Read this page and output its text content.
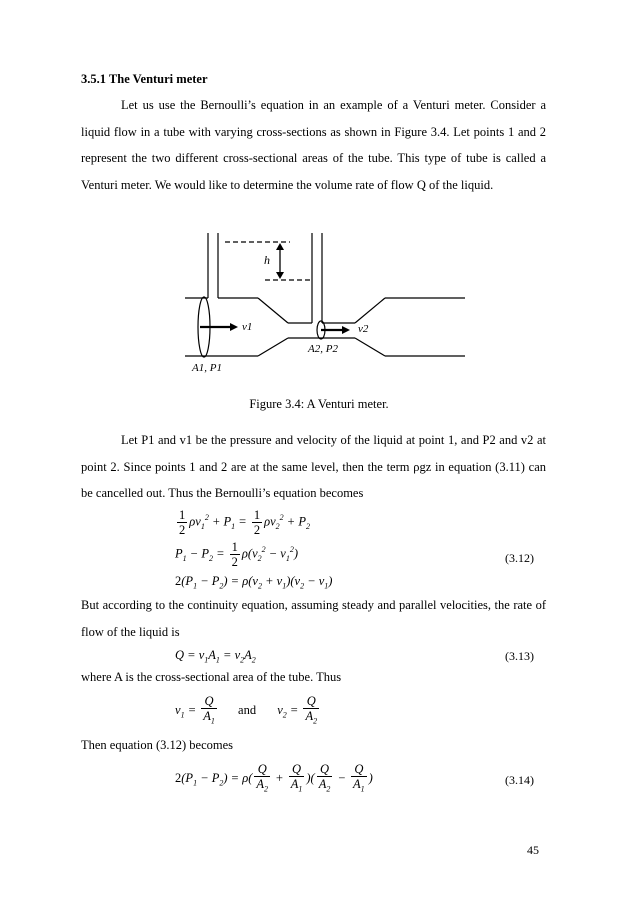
3.5.1 The Venturi meter

Let us use the Bernoulli’s equation in an example of a Venturi meter. Consider a liquid flow in a tube with varying cross-sections as shown in Figure 3.4. Let points 1 and 2 represent the two different cross-sectional areas of the tube. This type of tube is called a Venturi meter. We would like to determine the volume rate of flow Q of the liquid.

h
v1	v2
A1, P1
A2, P2
Figure 3.4: A Venturi meter.

Let P1 and v1 be the pressure and velocity of the liquid at point 1, and P2 and v2 at point 2. Since points 1 and 2 are at the same level, then the term ρgz in equation (3.11) can be cancelled out. Thus the Bernoulli’s equation becomes

$\frac{1}{2} \rho v_1^2 + P_1 = \frac{1}{2} \rho v_2^2 + P_2$
$P_1 - P_2 = \frac{1}{2} \rho(v_2^2 - v_1^2)$	(3.12)
$2(P_1 - P_2) = \rho(v_2 + v_1)(v_2 - v_1)$

But according to the continuity equation, assuming steady and parallel velocities, the rate of flow of the liquid is

$Q = v_1A_1 = v_2A_2$	(3.13)

where A is the cross-sectional area of the tube. Thus

$v_1 = \frac{Q}{A_1}$ and $v_2 = \frac{Q}{A_2}$

Then equation (3.12) becomes

$2(P_1 - P_2) = \rho( \frac{Q}{A_2} + \frac{Q}{A_1}$ )( $\frac{Q}{A_2} - \frac{Q}{A_1}$ )	(3.14)
45
